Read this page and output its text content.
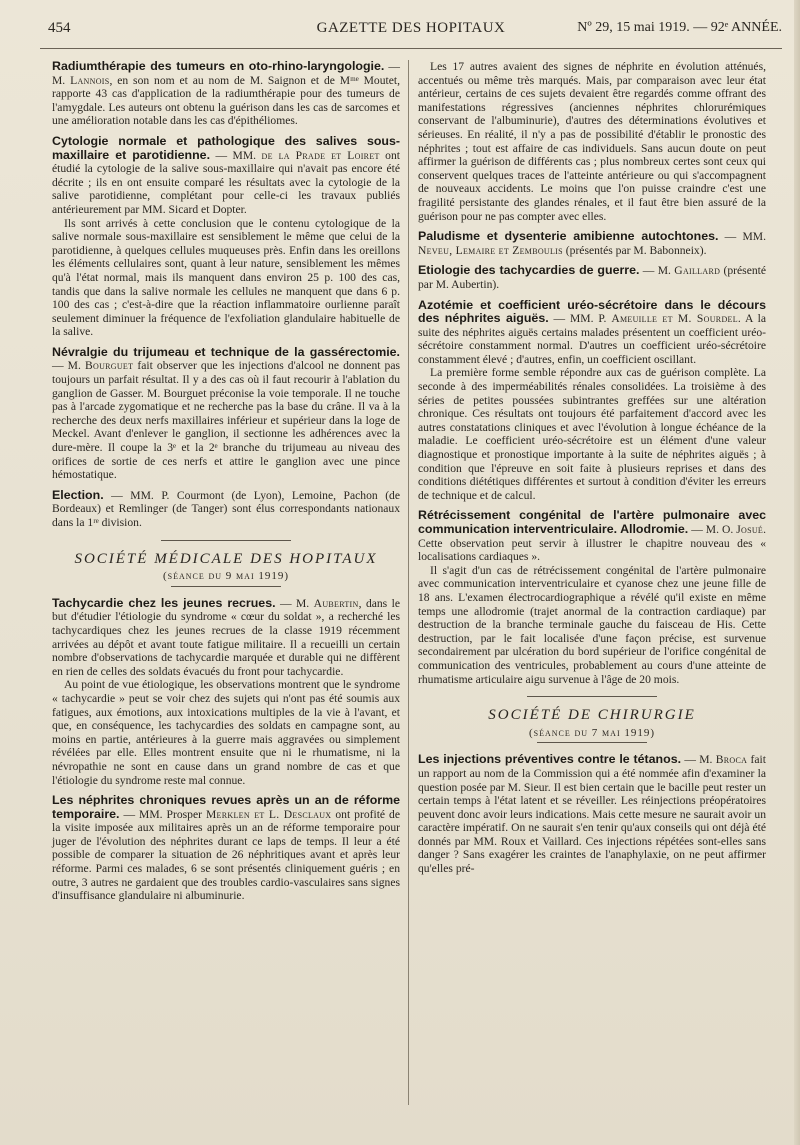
454	GAZETTE DES HOPITAUX	Nº 29, 15 mai 1919. — 92ᵉ ANNÉE.

Radiumthérapie des tumeurs en oto-rhino-laryngologie. — M. Lannois, en son nom et au nom de M. Saignon et de Mᵐᵉ Moutet, rapporte 43 cas d'application de la radiumthérapie pour des tumeurs de l'amygdale. Les auteurs ont obtenu la guérison dans les cas de sarcomes et une amélioration notable dans les cas d'épithéliomes.

Cytologie normale et pathologique des salives sous-maxillaire et parotidienne. — MM. de la Prade et Loiret ont étudié la cytologie de la salive sous-maxillaire qui n'avait pas encore été décrite ; ils en ont ensuite comparé les résultats avec la cytologie de la salive parotidienne, complétant pour celle-ci les travaux publiés antérieurement par MM. Sicard et Dopter.

Ils sont arrivés à cette conclusion que le contenu cytologique de la salive normale sous-maxillaire est sensiblement le même que celui de la parotidienne, à quelques cellules muqueuses près. Enfin dans les oreillons les éléments cellulaires sont, quant à leur nature, sensiblement les mêmes qu'à l'état normal, mais ils manquent dans environ 25 p. 100 des cas, tandis que dans la salive normale les cellules ne manquent que dans 6 p. 100 des cas ; c'est-à-dire que la réaction inflammatoire ourlienne paraît seulement diminuer la fréquence de l'exfoliation glandulaire habituelle de la salive.

Névralgie du trijumeau et technique de la gassérectomie. — M. Bourguet fait observer que les injections d'alcool ne donnent pas toujours un parfait résultat. Il y a des cas où il faut recourir à l'ablation du ganglion de Gasser. M. Bourguet préconise la voie temporale. Il ne touche pas à l'arcade zygomatique et ne recherche pas la base du crâne. Il va à la recherche des deux nerfs maxillaires inférieur et supérieur dans la loge de Meckel. Avant d'enlever le ganglion, il sectionne les adhérences avec la dure-mère. Il coupe la 3ᵉ et la 2ᵉ branche du trijumeau au niveau des orifices de sortie de ces nerfs et attire le ganglion avec une pince hémostatique.

Election. — MM. P. Courmont (de Lyon), Lemoine, Pachon (de Bordeaux) et Remlinger (de Tanger) sont élus correspondants nationaux dans la 1ʳᵉ division.

SOCIÉTÉ MÉDICALE DES HOPITAUX
(séance du 9 mai 1919)

Tachycardie chez les jeunes recrues. — M. Aubertin, dans le but d'étudier l'étiologie du syndrome « cœur du soldat », a recherché les tachycardiques chez les jeunes recrues de la classe 1919 récemment arrivées au dépôt et avant toute fatigue militaire. Il a recueilli un certain nombre d'observations de tachycardie marquée et durable qui ne diffèrent en rien de celles des soldats évacués du front pour tachycardie.

Au point de vue étiologique, les observations montrent que le syndrome « tachycardie » peut se voir chez des sujets qui n'ont pas été soumis aux fatigues, aux émotions, aux intoxications multiples de la vie à l'avant, et que, en conséquence, les tachycardies des soldats en campagne sont, au moins en partie, antérieures à la guerre mais aggravées ou simplement révélées par elle. Elles montrent ensuite que ni le rhumatisme, ni la névropathie ne sont en cause dans un grand nombre de cas et que l'étiologie du syndrome reste mal connue.

Les néphrites chroniques revues après un an de réforme temporaire. — MM. Prosper Merklen et L. Desclaux ont profité de la visite imposée aux militaires après un an de réforme temporaire pour juger de l'évolution des néphrites durant ce laps de temps. Il leur a été possible de comparer la situation de 26 néphritiques avant et après leur réforme. Parmi ces malades, 6 se sont présentés cliniquement guéris ; en outre, 3 autres ne gardaient que des troubles cardio-vasculaires sans signes d'insuffisance glandulaire ni albuminurie.

Les 17 autres avaient des signes de néphrite en évolution atténués, accentués ou même très marqués. Mais, par comparaison avec leur état antérieur, certains de ces sujets devaient être regardés comme offrant des manifestations régressives (anciennes néphrites chlorurémiques conservant de l'albuminurie), d'autres des déterminations évolutives et sérieuses. En réalité, il n'y a pas de possibilité d'établir le pronostic des néphrites ; tout est affaire de cas individuels. Sans aucun doute on peut affirmer la guérison de différents cas ; plus nombreux certes sont ceux qui conservent quelques traces de l'atteinte antérieure ou qui s'accompagnent de nouveaux accidents. Le moins que l'on puisse craindre c'est une fragilité persistante des glandes rénales, et il faut être bien assuré de la guérison pour ne pas compter avec elles.

Paludisme et dysenterie amibienne autochtones. — MM. Neveu, Lemaire et Zemboulis (présentés par M. Babonneix).

Etiologie des tachycardies de guerre. — M. Gaillard (présenté par M. Aubertin).

Azotémie et coefficient uréo-sécrétoire dans le décours des néphrites aiguës. — MM. P. Ameuille et M. Sourdel. A la suite des néphrites aiguës certains malades présentent un coefficient uréo-sécrétoire constamment normal. D'autres un coefficient uréo-sécrétoire constamment élevé ; d'autres, enfin, un coefficient oscillant.

La première forme semble répondre aux cas de guérison complète. La seconde à des imperméabilités rénales consolidées. La troisième à des séries de petites poussées subintrantes greffées sur une altération chronique. Ces résultats ont toujours été parfaitement d'accord avec les autres constatations cliniques et avec l'évolution à longue échéance de la maladie. Le coefficient uréo-sécrétoire est un élément d'une valeur diagnostique et pronostique importante à la suite de néphrites aiguës ; à condition que l'épreuve en soit faite à plusieurs reprises et dans des conditions diététiques différentes et surtout à condition d'éviter les erreurs de technique et de calcul.

Rétrécissement congénital de l'artère pulmonaire avec communication interventriculaire. Allodromie. — M. O. Josué. Cette observation peut servir à illustrer le chapitre nouveau des « localisations cardiaques ».

Il s'agit d'un cas de rétrécissement congénital de l'artère pulmonaire avec communication interventriculaire et cyanose chez une jeune fille de 18 ans. L'examen électrocardiographique a révélé qu'il existe en même temps une allodromie (trajet anormal de la contraction cardiaque) par destruction de la branche terminale gauche du faisceau de His. Cette destruction, par le fait localisée d'une façon précise, est survenue secondairement par ulcération du bord supérieur de l'orifice congénital de communication des ventricules, probablement au cours d'une atteinte de rhumatisme articulaire aigu survenue à l'âge de 20 mois.

SOCIÉTÉ DE CHIRURGIE
(séance du 7 mai 1919)

Les injections préventives contre le tétanos. — M. Broca fait un rapport au nom de la Commission qui a été nommée afin d'examiner la question posée par M. Sieur. Il est bien certain que le bacille peut rester un certain temps à l'état latent et se réveiller. Les réinjections préopératoires peuvent donc avoir leurs indications. Mais cette mesure ne saurait avoir un caractère impératif. On ne saurait s'en tenir qu'aux conseils qui ont déjà été donnés par MM. Roux et Vaillard. Ces injections répétées sont-elles sans danger ? Sans exagérer les craintes de l'anaphylaxie, on ne peut affirmer qu'elles pré-
